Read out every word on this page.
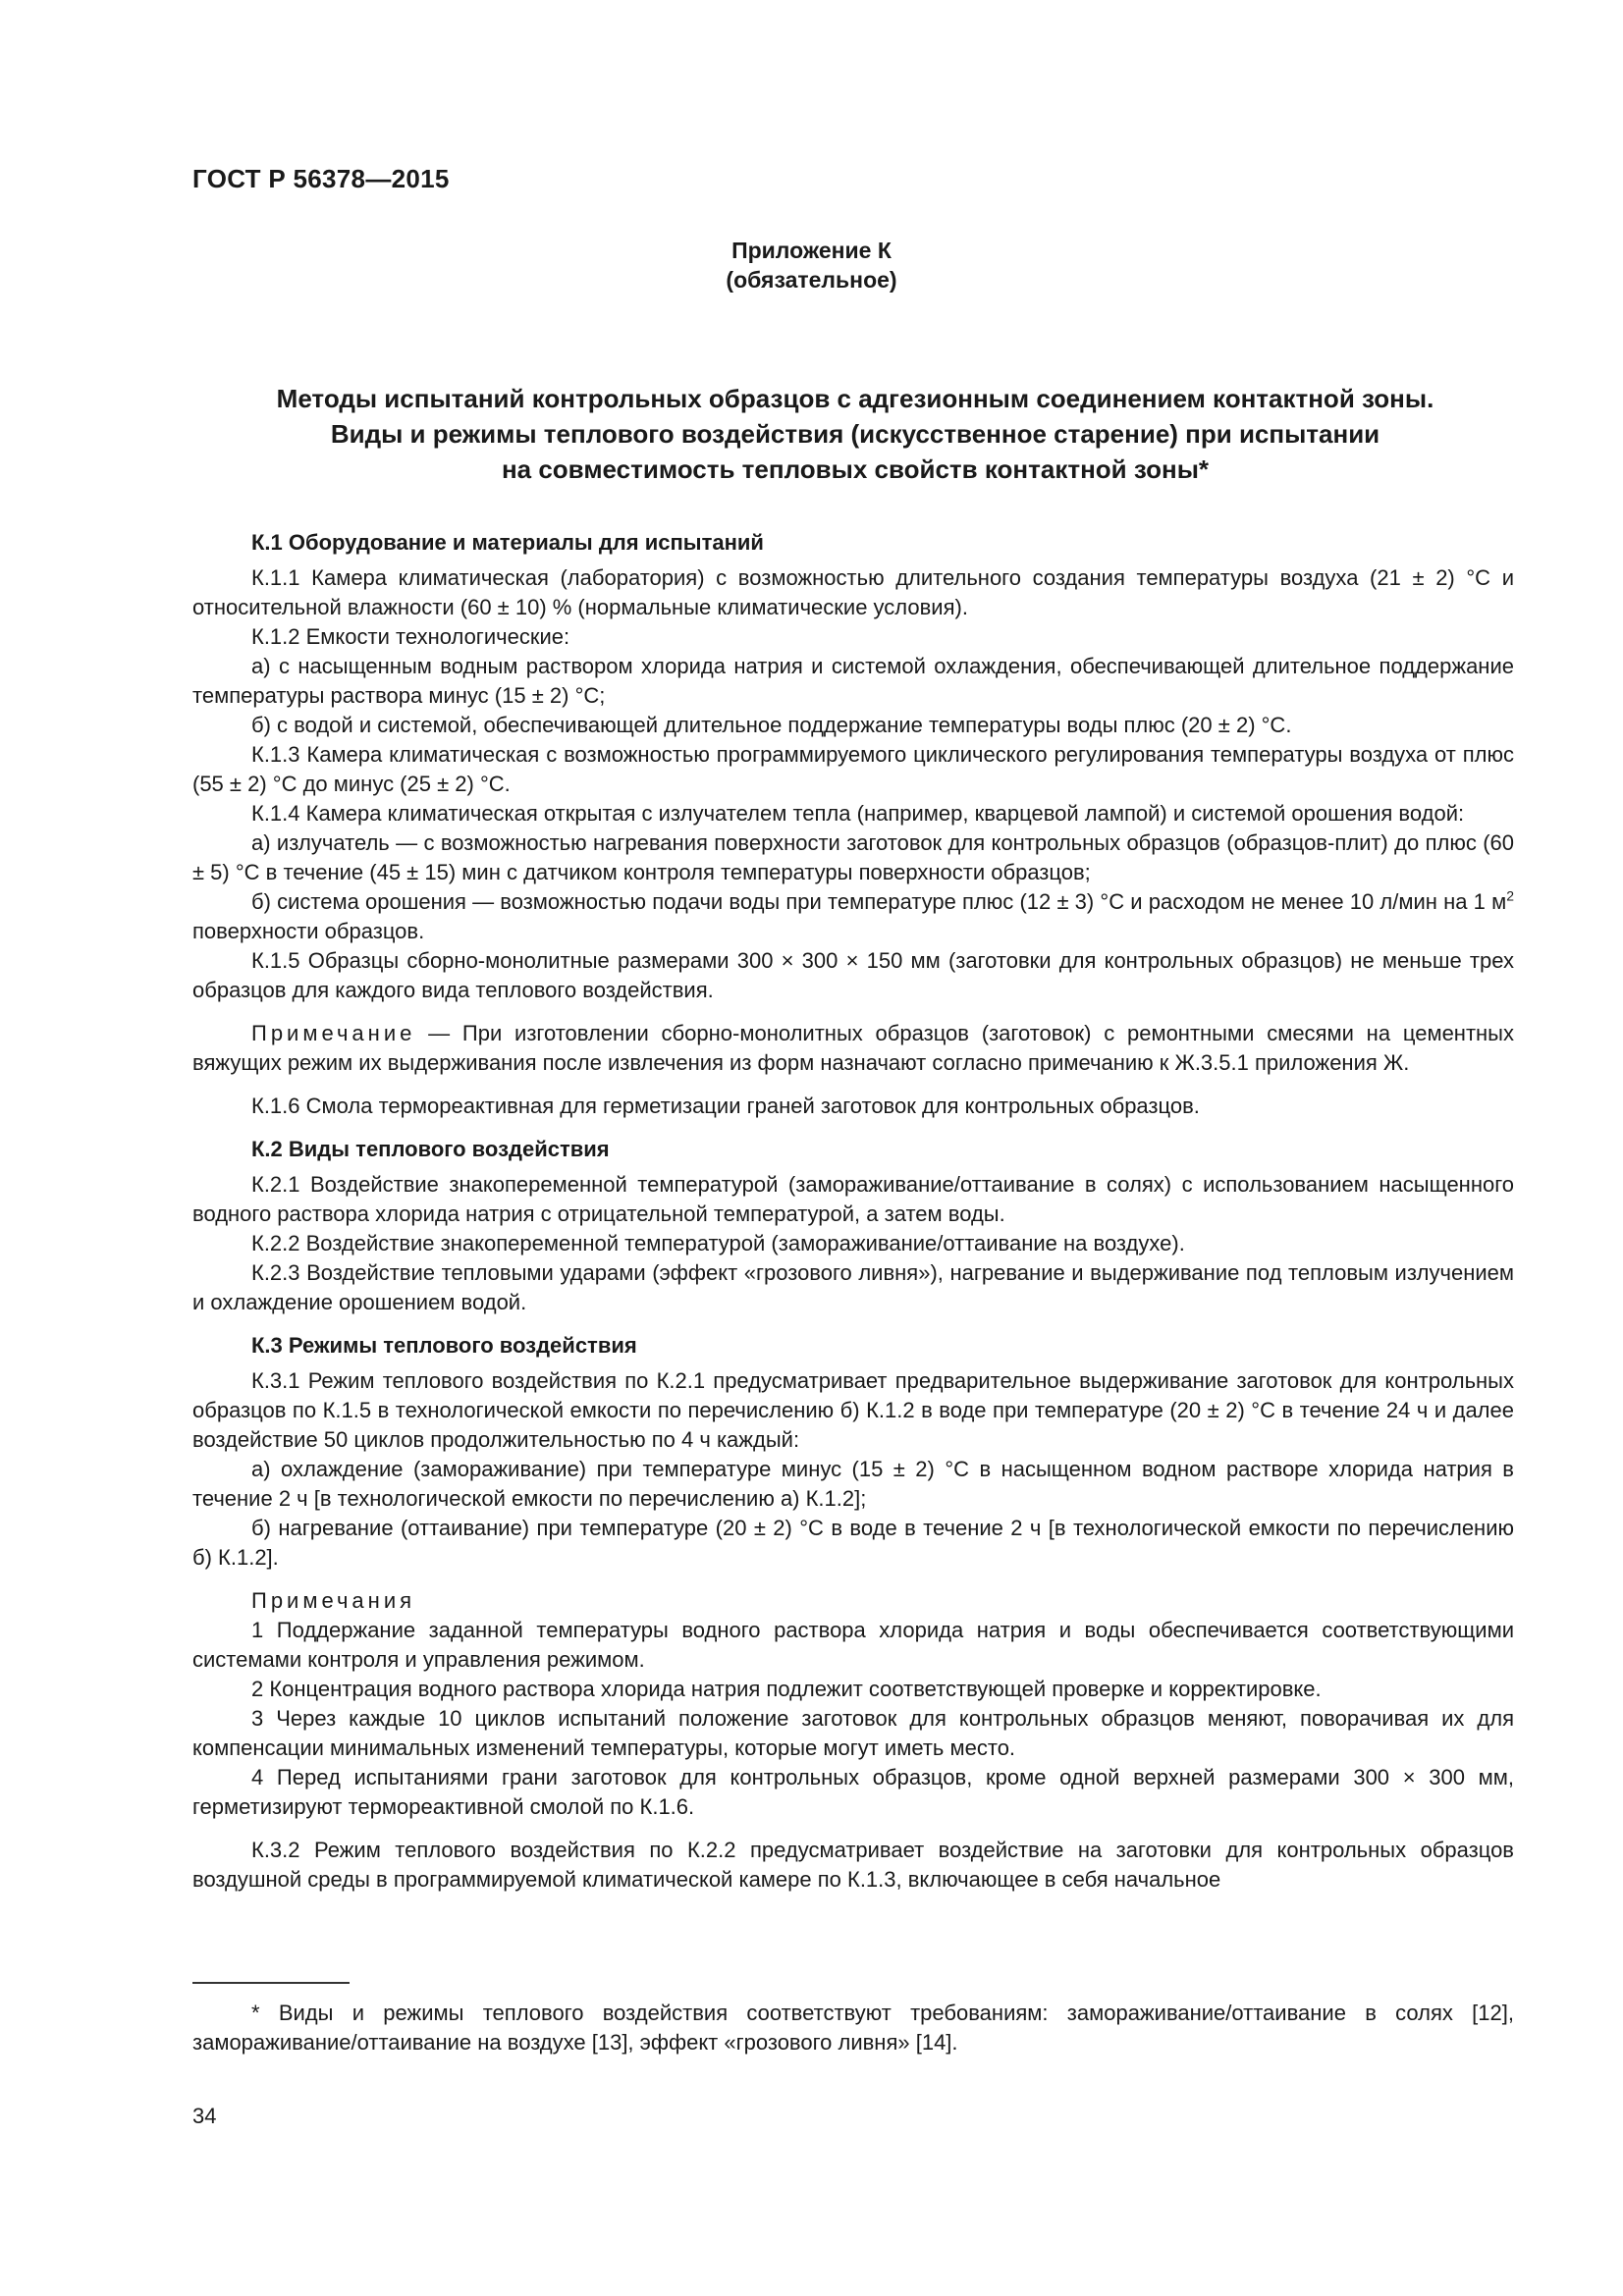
ГОСТ Р 56378—2015
Приложение К
(обязательное)
Методы испытаний контрольных образцов с адгезионным соединением контактной зоны.
Виды и режимы теплового воздействия (искусственное старение) при испытании
на совместимость тепловых свойств контактной зоны*
К.1 Оборудование и материалы для испытаний

К.1.1 Камера климатическая (лаборатория) с возможностью длительного создания температуры воздуха (21 ± 2) °С и относительной влажности (60 ± 10) % (нормальные климатические условия).

К.1.2 Емкости технологические:

а) с насыщенным водным раствором хлорида натрия и системой охлаждения, обеспечивающей длительное поддержание температуры раствора минус (15 ± 2) °С;

б) с водой и системой, обеспечивающей длительное поддержание температуры воды плюс (20 ± 2) °С.

К.1.3 Камера климатическая с возможностью программируемого циклического регулирования температуры воздуха от плюс (55 ± 2) °С до минус (25 ± 2) °С.

К.1.4 Камера климатическая открытая с излучателем тепла (например, кварцевой лампой) и системой орошения водой:

а) излучатель — с возможностью нагревания поверхности заготовок для контрольных образцов (образцов-плит) до плюс (60 ± 5) °С в течение (45 ± 15) мин с датчиком контроля температуры поверхности образцов;

б) система орошения — возможностью подачи воды при температуре плюс (12 ± 3) °С и расходом не менее 10 л/мин на 1 $м^2$ поверхности образцов.

К.1.5 Образцы сборно-монолитные размерами 300 × 300 × 150 мм (заготовки для контрольных образцов) не меньше трех образцов для каждого вида теплового воздействия.

Примечание — При изготовлении сборно-монолитных образцов (заготовок) с ремонтными смесями на цементных вяжущих режим их выдерживания после извлечения из форм назначают согласно примечанию к Ж.3.5.1 приложения Ж.

К.1.6 Смола термореактивная для герметизации граней заготовок для контрольных образцов.

К.2 Виды теплового воздействия

К.2.1 Воздействие знакопеременной температурой (замораживание/оттаивание в солях) с использованием насыщенного водного раствора хлорида натрия с отрицательной температурой, а затем воды.

К.2.2 Воздействие знакопеременной температурой (замораживание/оттаивание на воздухе).

К.2.3 Воздействие тепловыми ударами (эффект «грозового ливня»), нагревание и выдерживание под тепловым излучением и охлаждение орошением водой.

К.3 Режимы теплового воздействия

К.3.1 Режим теплового воздействия по К.2.1 предусматривает предварительное выдерживание заготовок для контрольных образцов по К.1.5 в технологической емкости по перечислению б) К.1.2 в воде при температуре (20 ± 2) °С в течение 24 ч и далее воздействие 50 циклов продолжительностью по 4 ч каждый:

а) охлаждение (замораживание) при температуре минус (15 ± 2) °С в насыщенном водном растворе хлорида натрия в течение 2 ч [в технологической емкости по перечислению а) К.1.2];

б) нагревание (оттаивание) при температуре (20 ± 2) °С в воде в течение 2 ч [в технологической емкости по перечислению б) К.1.2].

Примечания

1 Поддержание заданной температуры водного раствора хлорида натрия и воды обеспечивается соответствующими системами контроля и управления режимом.

2 Концентрация водного раствора хлорида натрия подлежит соответствующей проверке и корректировке.

3 Через каждые 10 циклов испытаний положение заготовок для контрольных образцов меняют, поворачивая их для компенсации минимальных изменений температуры, которые могут иметь место.

4 Перед испытаниями грани заготовок для контрольных образцов, кроме одной верхней размерами 300 × 300 мм, герметизируют термореактивной смолой по К.1.6.

К.3.2 Режим теплового воздействия по К.2.2 предусматривает воздействие на заготовки для контрольных образцов воздушной среды в программируемой климатической камере по К.1.3, включающее в себя начальное

* Виды и режимы теплового воздействия соответствуют требованиям: замораживание/оттаивание в солях [12], замораживание/оттаивание на воздухе [13], эффект «грозового ливня» [14].

34
